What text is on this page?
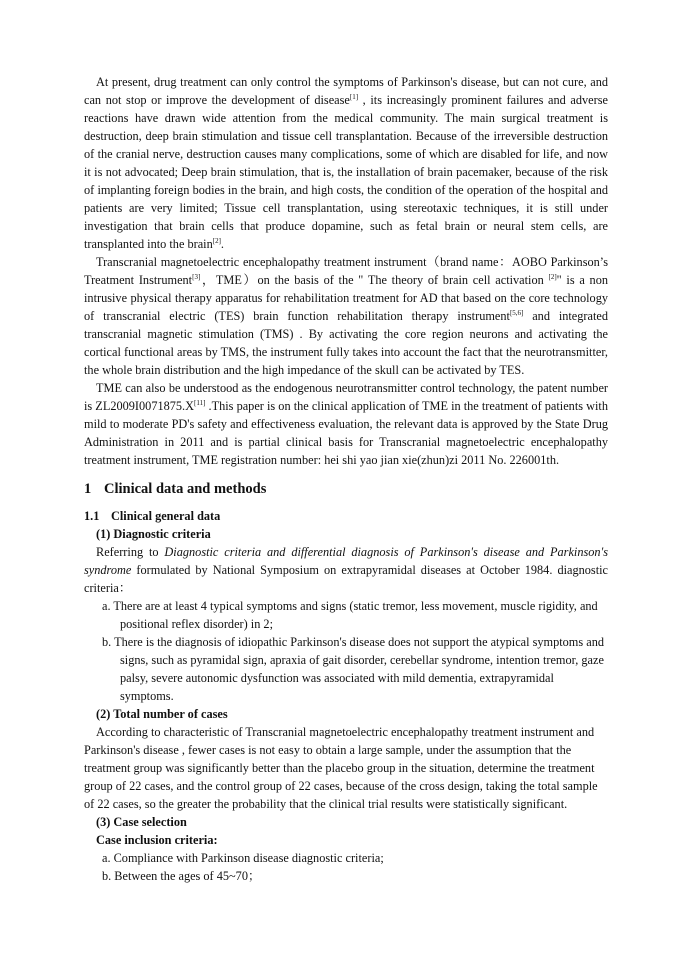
At present, drug treatment can only control the symptoms of Parkinson's disease, but can not cure, and can not stop or improve the development of disease[1] , its increasingly prominent failures and adverse reactions have drawn wide attention from the medical community. The main surgical treatment is destruction, deep brain stimulation and tissue cell transplantation. Because of the irreversible destruction of the cranial nerve, destruction causes many complications, some of which are disabled for life, and now it is not advocated; Deep brain stimulation, that is, the installation of brain pacemaker, because of the risk of implanting foreign bodies in the brain, and high costs, the condition of the operation of the hospital and patients are very limited; Tissue cell transplantation, using stereotaxic techniques, it is still under investigation that brain cells that produce dopamine, such as fetal brain or neural stem cells, are transplanted into the brain[2].

Transcranial magnetoelectric encephalopathy treatment instrument（brand name：AOBO Parkinson’s Treatment Instrument[3]，TME）on the basis of the " The theory of brain cell activation [2]" is a non intrusive physical therapy apparatus for rehabilitation treatment for AD that based on the core technology of transcranial electric (TES) brain function rehabilitation therapy instrument[5,6] and integrated transcranial magnetic stimulation (TMS) . By activating the core region neurons and activating the cortical functional areas by TMS, the instrument fully takes into account the fact that the neurotransmitter, the whole brain distribution and the high impedance of the skull can be activated by TES.

TME can also be understood as the endogenous neurotransmitter control technology, the patent number is ZL2009I0071875.X[11] .This paper is on the clinical application of TME in the treatment of patients with mild to moderate PD's safety and effectiveness evaluation, the relevant data is approved by the State Drug Administration in 2011 and is partial clinical basis for Transcranial magnetoelectric encephalopathy treatment instrument, TME registration number: hei shi yao jian xie(zhun)zi 2011 No. 226001th.

1 Clinical data and methods
1.1 Clinical general data
(1) Diagnostic criteria

Referring to Diagnostic criteria and differential diagnosis of Parkinson's disease and Parkinson's syndrome formulated by National Symposium on extrapyramidal diseases at October 1984. diagnostic criteria：

a. There are at least 4 typical symptoms and signs (static tremor, less movement, muscle rigidity, and positional reflex disorder) in 2;

b. There is the diagnosis of idiopathic Parkinson's disease does not support the atypical symptoms and signs, such as pyramidal sign, apraxia of gait disorder, cerebellar syndrome, intention tremor, gaze palsy, severe autonomic dysfunction was associated with mild dementia, extrapyramidal symptoms.

(2) Total number of cases

According to characteristic of Transcranial magnetoelectric encephalopathy treatment instrument and Parkinson's disease , fewer cases is not easy to obtain a large sample, under the assumption that the treatment group was significantly better than the placebo group in the situation, determine the treatment group of 22 cases, and the control group of 22 cases, because of the cross design, taking the total sample of 22 cases, so the greater the probability that the clinical trial results were statistically significant.

(3) Case selection
Case inclusion criteria:

a. Compliance with Parkinson disease diagnostic criteria;

b. Between the ages of 45~70；
